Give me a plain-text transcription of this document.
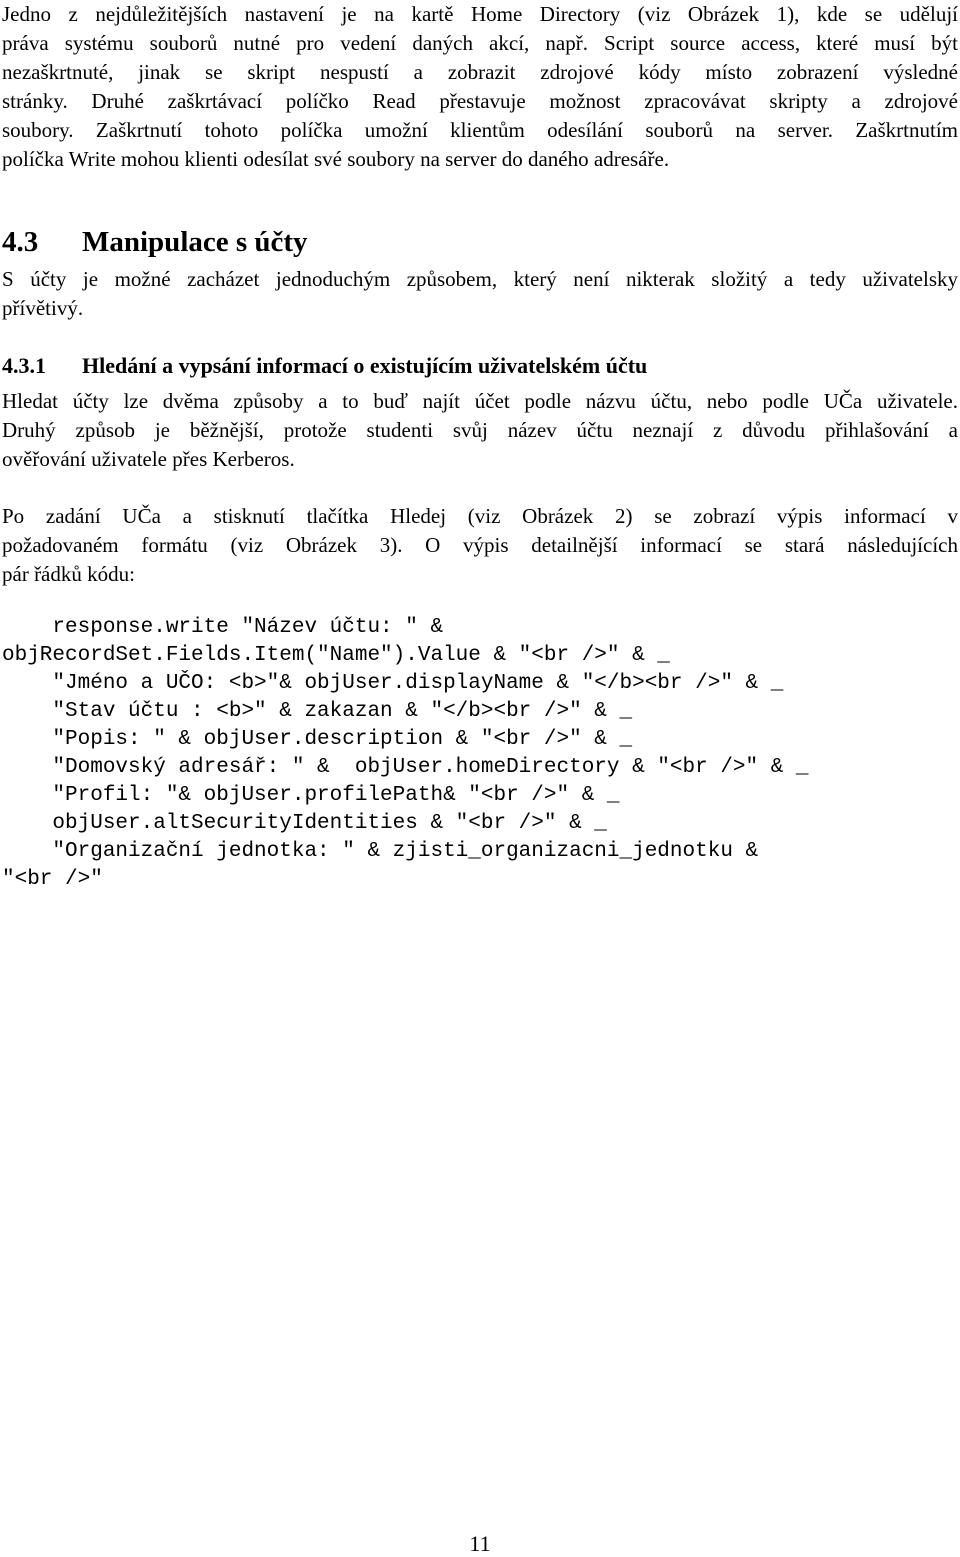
Jedno z nejdůležitějších nastavení je na kartě Home Directory (viz Obrázek 1), kde se udělují
práva systému souborů nutné pro vedení daných akcí, např. Script source access, které musí být
nezaškrtnuté, jinak se skript nespustí a zobrazit zdrojové kódy místo zobrazení výsledné
stránky. Druhé zaškrtávací políčko Read přestavuje možnost zpracovávat skripty a zdrojové
soubory. Zaškrtnutí tohoto políčka umožní klientům odesílání souborů na server. Zaškrtnutím
políčka Write mohou klienti odesílat své soubory na server do daného adresáře.
4.3 Manipulace s účty
S účty je možné zacházet jednoduchým způsobem, který není nikterak složitý a tedy uživatelsky
přívětivý.
4.3.1 Hledání a vypsání informací o existujícím uživatelském účtu
Hledat účty lze dvěma způsoby a to buď najít účet podle názvu účtu, nebo podle UČa uživatele.
Druhý způsob je běžnější, protože studenti svůj název účtu neznají z důvodu přihlašování a
ověřování uživatele přes Kerberos.
Po zadání UČa a stisknutí tlačítka Hledej (viz Obrázek 2) se zobrazí výpis informací v
požadovaném formátu (viz Obrázek 3). O výpis detailnější informací se stará následujících
pár řádků kódu:
response.write "Název účtu: " &
objRecordSet.Fields.Item("Name").Value & "<br />" & _
"Jméno a UČO: <b>"& objUser.displayName & "</b><br />" & _
"Stav účtu : <b>" & zakazan & "</b><br />" & _
"Popis: " & objUser.description & "<br />" & _
"Domovský adresář: " &  objUser.homeDirectory & "<br />" & _
"Profil: "& objUser.profilePath& "<br />" & _
objUser.altSecurityIdentities & "<br />" & _
"Organizační jednotka: " & zjisti_organizacni_jednotku &
"<br />"
11
